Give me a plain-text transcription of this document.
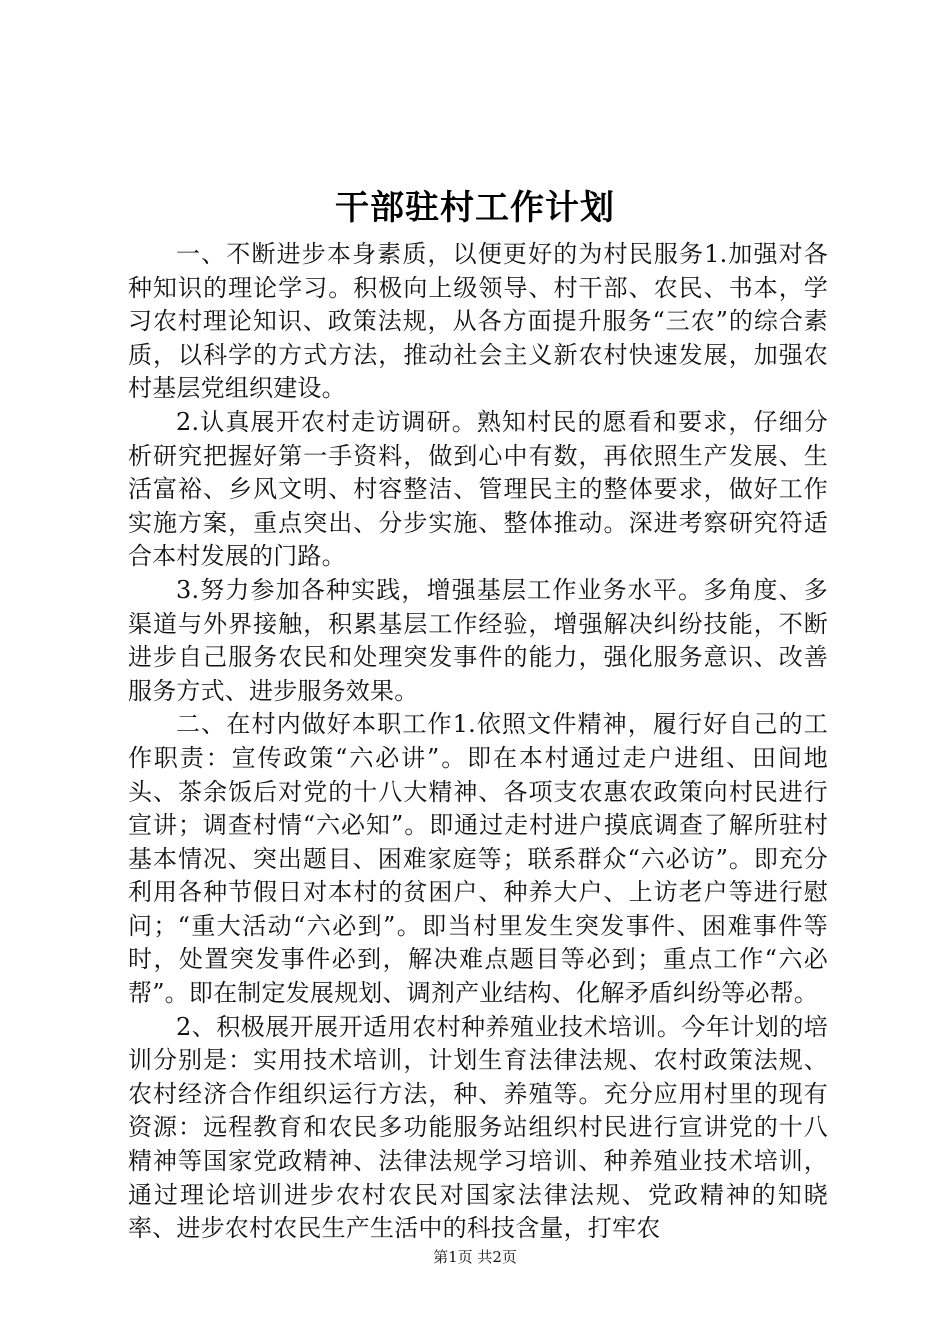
干部驻村工作计划

一、不断进步本身素质，以便更好的为村民服务1.加强对各种知识的理论学习。积极向上级领导、村干部、农民、书本，学习农村理论知识、政策法规，从各方面提升服务“三农”的综合素质，以科学的方式方法，推动社会主义新农村快速发展，加强农村基层党组织建设。

2.认真展开农村走访调研。熟知村民的愿看和要求，仔细分析研究把握好第一手资料，做到心中有数，再依照生产发展、生活富裕、乡风文明、村容整洁、管理民主的整体要求，做好工作实施方案，重点突出、分步实施、整体推动。深进考察研究符适合本村发展的门路。

3.努力参加各种实践，增强基层工作业务水平。多角度、多渠道与外界接触，积累基层工作经验，增强解决纠纷技能，不断进步自己服务农民和处理突发事件的能力，强化服务意识、改善服务方式、进步服务效果。

二、在村内做好本职工作1.依照文件精神，履行好自己的工作职责：宣传政策“六必讲”。即在本村通过走户进组、田间地头、茶余饭后对党的十八大精神、各项支农惠农政策向村民进行宣讲；调查村情“六必知”。即通过走村进户摸底调查了解所驻村基本情况、突出题目、困难家庭等；联系群众“六必访”。即充分利用各种节假日对本村的贫困户、种养大户、上访老户等进行慰问；“重大活动“六必到”。即当村里发生突发事件、困难事件等时，处置突发事件必到，解决难点题目等必到；重点工作“六必帮”。即在制定发展规划、调剂产业结构、化解矛盾纠纷等必帮。

2、积极展开展开适用农村种养殖业技术培训。今年计划的培训分别是：实用技术培训，计划生育法律法规、农村政策法规、农村经济合作组织运行方法，种、养殖等。充分应用村里的现有资源：远程教育和农民多功能服务站组织村民进行宣讲党的十八精神等国家党政精神、法律法规学习培训、种养殖业技术培训，通过理论培训进步农村农民对国家法律法规、党政精神的知晓率、进步农村农民生产生活中的科技含量，打牢农

第1页 共2页
